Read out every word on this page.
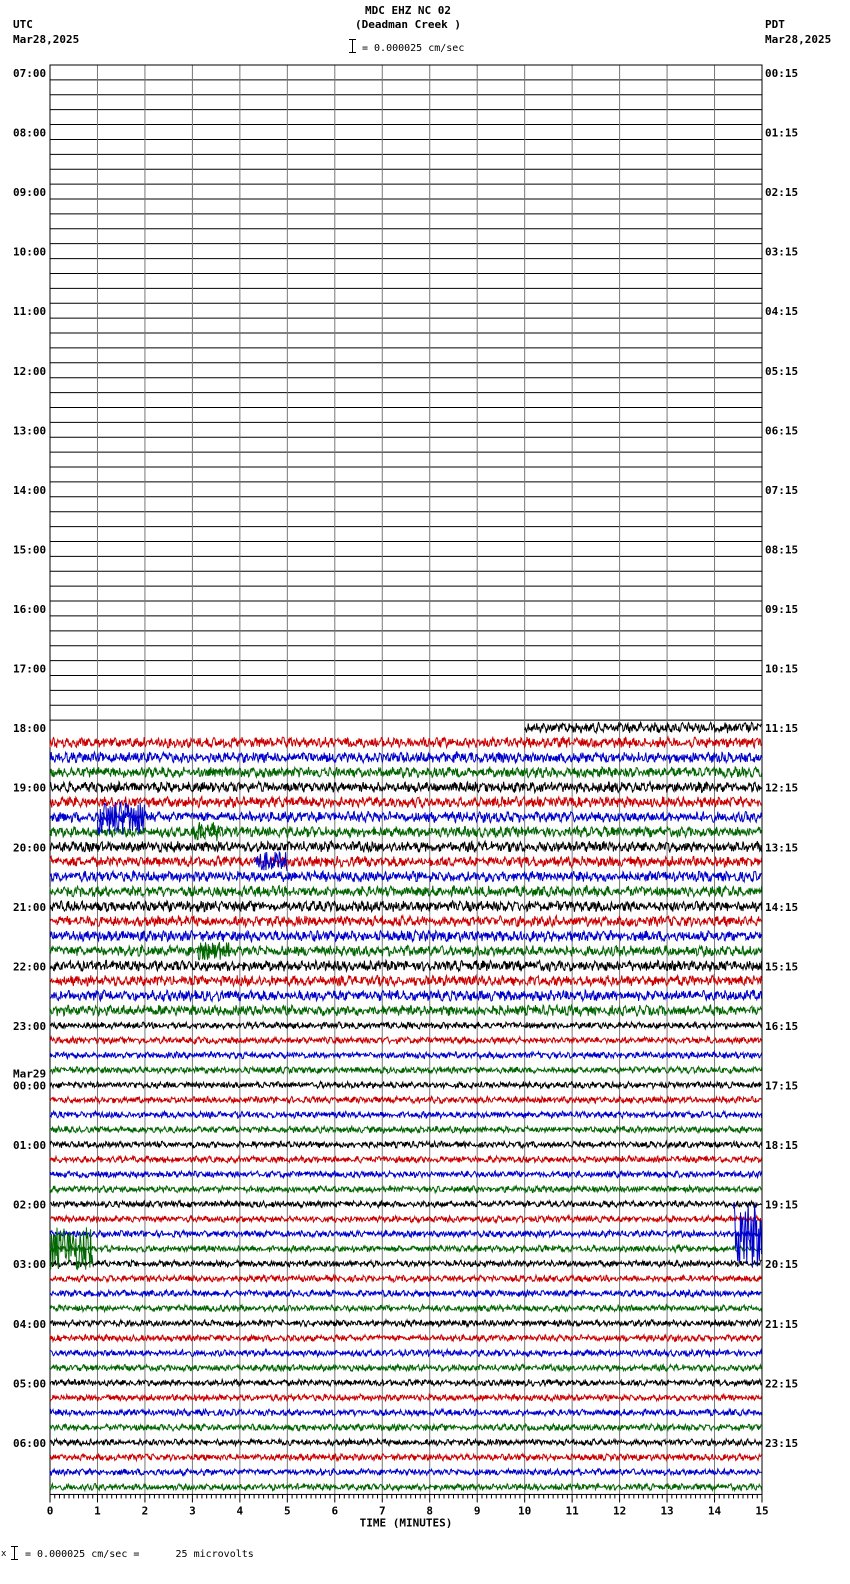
MDC EHZ NC 02
(Deadman Creek )
= 0.000025 cm/sec
UTC
Mar28,2025
PDT
Mar28,2025
0	1	2	3	4	5	6	7	8	9	10	11	12	13	14	15
TIME (MINUTES)
07:00
08:00
09:00
10:00
11:00
12:00
13:00
14:00
15:00
16:00
17:00
18:00
19:00
20:00
21:00
22:00
23:00
00:00
01:00
02:00
03:00
04:00
05:00
06:00
Mar29
00:15
01:15
02:15
03:15
04:15
05:15
06:15
07:15
08:15
09:15
10:15
11:15
12:15
13:15
14:15
15:15
16:15
17:15
18:15
19:15
20:15
21:15
22:15
23:15
x = 0.000025 cm/sec =      25 microvolts
